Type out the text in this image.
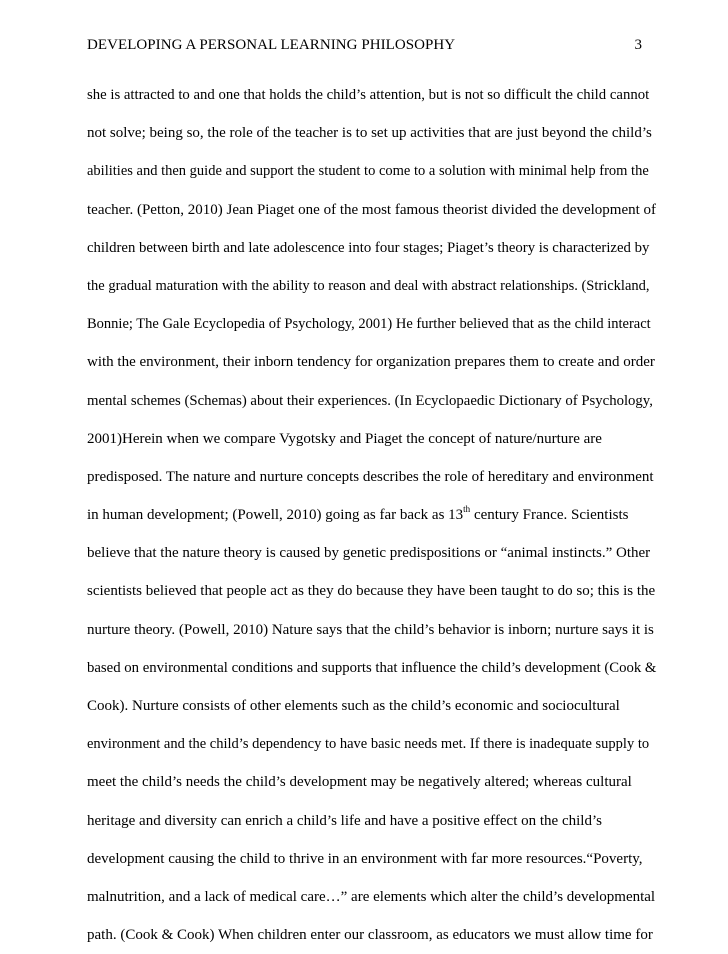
DEVELOPING A PERSONAL LEARNING PHILOSOPHY	3
she is attracted to and one that holds the child’s attention, but is not so difficult the child cannot
not solve; being so, the role of the teacher is to set up activities that are just beyond the child’s
abilities and then guide and support the student to come to a solution with minimal help from the
teacher. (Petton, 2010) Jean Piaget one of the most famous theorist divided the development of
children between birth and late adolescence into four stages; Piaget’s theory is characterized by
the gradual maturation with the ability to reason and deal with abstract relationships. (Strickland,
Bonnie; The Gale Ecyclopedia of Psychology, 2001) He further believed that as the child interact
with the environment, their inborn tendency for organization prepares them to create and order
mental schemes (Schemas) about their experiences. (In Ecyclopaedic Dictionary of Psychology,
2001)Herein when we compare Vygotsky and Piaget the concept of nature/nurture are
predisposed. The nature and nurture concepts describes the role of hereditary and environment
in human development; (Powell, 2010) going as far back as 13th century France. Scientists
believe that the nature theory is caused by genetic predispositions or “animal instincts.” Other
scientists believed that people act as they do because they have been taught to do so; this is the
nurture theory. (Powell, 2010) Nature says that the child’s behavior is inborn; nurture says it is
based on environmental conditions and supports that influence the child’s development (Cook &
Cook). Nurture consists of other elements such as the child’s economic and sociocultural
environment and the child’s dependency to have basic needs met. If there is inadequate supply to
meet the child’s needs the child’s development may be negatively altered; whereas cultural
heritage and diversity can enrich a child’s life and have a positive effect on the child’s
development causing the child to thrive in an environment with far more resources.“Poverty,
malnutrition, and a lack of medical care…” are elements which alter the child’s developmental
path. (Cook & Cook) When children enter our classroom, as educators we must allow time for
